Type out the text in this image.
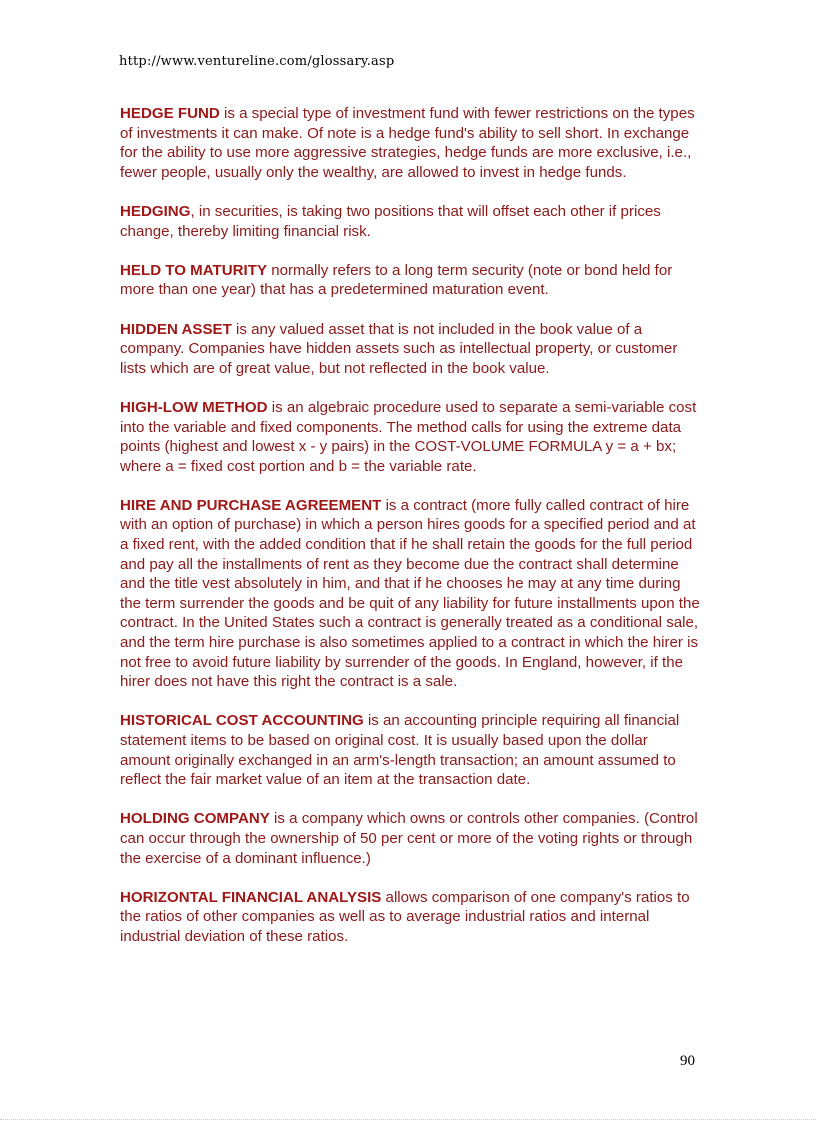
http://www.ventureline.com/glossary.asp

HEDGE FUND is a special type of investment fund with fewer restrictions on the types of investments it can make. Of note is a hedge fund's ability to sell short. In exchange for the ability to use more aggressive strategies, hedge funds are more exclusive, i.e., fewer people, usually only the wealthy, are allowed to invest in hedge funds.

HEDGING, in securities, is taking two positions that will offset each other if prices change, thereby limiting financial risk.

HELD TO MATURITY normally refers to a long term security (note or bond held for more than one year) that has a predetermined maturation event.

HIDDEN ASSET is any valued asset that is not included in the book value of a company. Companies have hidden assets such as intellectual property, or customer lists which are of great value, but not reflected in the book value.

HIGH-LOW METHOD is an algebraic procedure used to separate a semi-variable cost into the variable and fixed components. The method calls for using the extreme data points (highest and lowest x - y pairs) in the COST-VOLUME FORMULA y = a + bx; where a = fixed cost portion and b = the variable rate.

HIRE AND PURCHASE AGREEMENT is a contract (more fully called contract of hire with an option of purchase) in which a person hires goods for a specified period and at a fixed rent, with the added condition that if he shall retain the goods for the full period and pay all the installments of rent as they become due the contract shall determine and the title vest absolutely in him, and that if he chooses he may at any time during the term surrender the goods and be quit of any liability for future installments upon the contract. In the United States such a contract is generally treated as a conditional sale, and the term hire purchase is also sometimes applied to a contract in which the hirer is not free to avoid future liability by surrender of the goods. In England, however, if the hirer does not have this right the contract is a sale.

HISTORICAL COST ACCOUNTING is an accounting principle requiring all financial statement items to be based on original cost. It is usually based upon the dollar amount originally exchanged in an arm's-length transaction; an amount assumed to reflect the fair market value of an item at the transaction date.

HOLDING COMPANY is a company which owns or controls other companies. (Control can occur through the ownership of 50 per cent or more of the voting rights or through the exercise of a dominant influence.)

HORIZONTAL FINANCIAL ANALYSIS allows comparison of one company's ratios to the ratios of other companies as well as to average industrial ratios and internal industrial deviation of these ratios.

90
